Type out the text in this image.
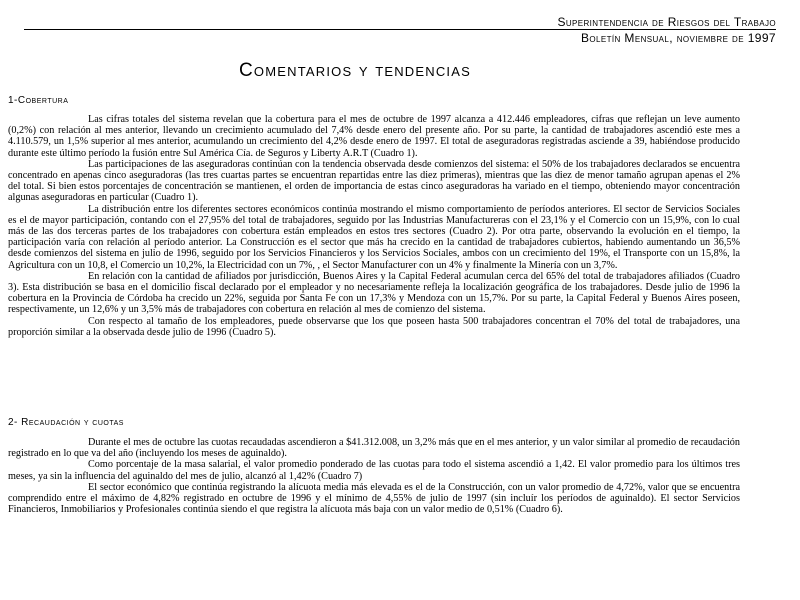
Superintendencia de Riesgos del Trabajo
Boletín Mensual, noviembre de 1997
Comentarios y tendencias
1-Cobertura

Las cifras totales del sistema revelan que la cobertura para el mes de octubre de 1997 alcanza a 412.446 empleadores, cifras que reflejan un leve aumento (0,2%) con relación al mes anterior, llevando un crecimiento acumulado del 7,4% desde enero del presente año. Por su parte, la cantidad de trabajadores ascendió este mes a 4.110.579, un 1,5% superior al mes anterior, acumulando un crecimiento del 4,2% desde enero de 1997. El total de aseguradoras registradas asciende a 39, habiéndose producido durante este último período la fusión entre Sul América Cía. de Seguros y Liberty A.R.T (Cuadro 1).

Las participaciones de las aseguradoras continúan con la tendencia observada desde comienzos del sistema: el 50% de los trabajadores declarados se encuentra concentrado en apenas cinco aseguradoras (las tres cuartas partes se encuentran repartidas entre las diez primeras), mientras que las diez de menor tamaño agrupan apenas el 2% del total. Si bien estos porcentajes de concentración se mantienen, el orden de importancia de estas cinco aseguradoras ha variado en el tiempo, obteniendo mayor concentración algunas aseguradoras en particular (Cuadro 1).

La distribución entre los diferentes sectores económicos continúa mostrando el mismo comportamiento de períodos anteriores. El sector de Servicios Sociales es el de mayor participación, contando con el 27,95% del total de trabajadores, seguido por las Industrias Manufactureras con el 23,1% y el Comercio con un 15,9%, con lo cual más de las dos terceras partes de los trabajadores con cobertura están empleados en estos tres sectores (Cuadro 2). Por otra parte, observando la evolución en el tiempo, la participación varía con relación al período anterior. La Construcción es el sector que más ha crecido en la cantidad de trabajadores cubiertos, habiendo aumentando un 36,5% desde comienzos del sistema en julio de 1996, seguido por los Servicios Financieros y los Servicios Sociales, ambos con un crecimiento del 19%, el Transporte con un 15,8%, la Agricultura con un 10,8, el Comercio un 10,2%, la Electricidad con un 7%, , el Sector Manufacturer con un 4% y finalmente la Minería con un 3,7%.

En relación con la cantidad de afiliados por jurisdicción, Buenos Aires y la Capital Federal acumulan cerca del 65% del total de trabajadores afiliados (Cuadro 3). Esta distribución se basa en el domicilio fiscal declarado por el empleador y no necesariamente refleja la localización geográfica de los trabajadores. Desde julio de 1996 la cobertura en la Provincia de Córdoba ha crecido un 22%, seguida por Santa Fe con un 17,3% y Mendoza con un 15,7%. Por su parte, la Capital Federal y Buenos Aires poseen, respectivamente, un 12,6% y un 3,5% más de trabajadores con cobertura en relación al mes de comienzo del sistema.

Con respecto al tamaño de los empleadores, puede observarse que los que poseen hasta 500 trabajadores concentran el 70% del total de trabajadores, una proporción similar a la observada desde julio de 1996 (Cuadro 5).

2- Recaudación y cuotas

Durante el mes de octubre las cuotas recaudadas ascendieron a $41.312.008, un 3,2% más que en el mes anterior, y un valor similar al promedio de recaudación registrado en lo que va del año (incluyendo los meses de aguinaldo).

Como porcentaje de la masa salarial, el valor promedio ponderado de las cuotas para todo el sistema ascendió a 1,42. El valor promedio para los últimos tres meses, ya sin la influencia del aguinaldo del mes de julio, alcanzó al 1,42% (Cuadro 7)

El sector económico que continúa registrando la alícuota media más elevada es el de la Construcción, con un valor promedio de 4,72%, valor que se encuentra comprendido entre el máximo de 4,82% registrado en octubre de 1996 y el mínimo de 4,55% de julio de 1997 (sin incluír los períodos de aguinaldo). El sector Servicios Financieros, Inmobiliarios y Profesionales continúa siendo el que registra la alícuota más baja con un valor medio de 0,51% (Cuadro 6).
